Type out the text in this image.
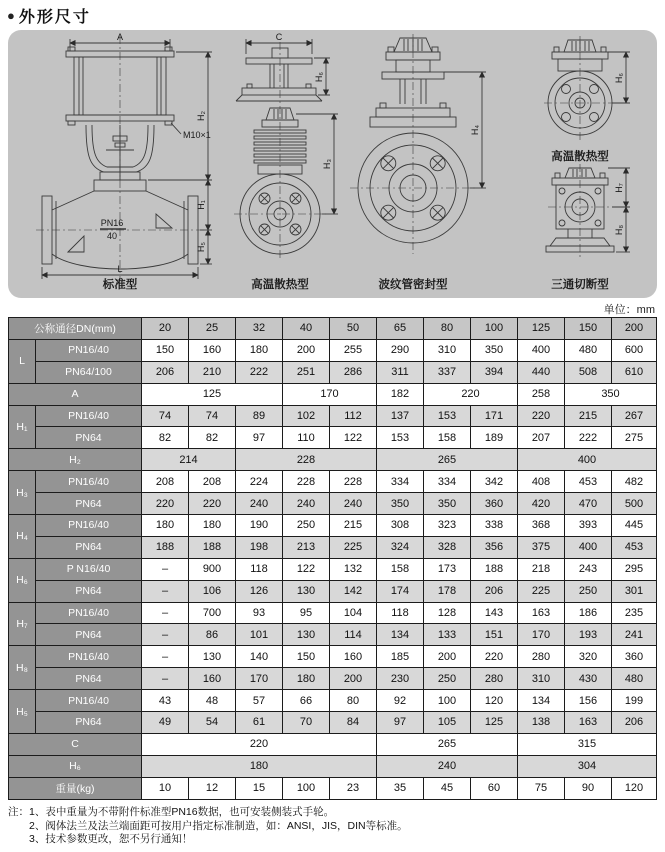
● 外形尺寸
A
M10×1
PN16
40
L
H₂
H₁
H₅
标准型
C
H₆
H₃
高温散热型
H₄
波纹管密封型
H₆
高温散热型
H₇
H₈
三通切断型
单位：mm
公称通径DN(mm)		20	25	32	40	50	65	80	100	125	150	200
L	PN16/40	150	160	180	200	255	290	310	350	400	480	600
	PN64/100	206	210	222	251	286	311	337	394	440	508	610
A		125			170		182	220		258	350	
H₁	PN16/40	74	74	89	102	112	137	153	171	220	215	267
	PN64	82	82	97	110	122	153	158	189	207	222	275
H₂		214		228			265			400		
H₃	PN16/40	208	208	224	228	228	334	334	342	408	453	482
	PN64	220	220	240	240	240	350	350	360	420	470	500
H₄	PN16/40	180	180	190	250	215	308	323	338	368	393	445
	PN64	188	188	198	213	225	324	328	356	375	400	453
H₆	P N16/40	–	900	118	122	132	158	173	188	218	243	295
	PN64	–	106	126	130	142	174	178	206	225	250	301
H₇	PN16/40	–	700	93	95	104	118	128	143	163	186	235
	PN64	–	86	101	130	114	134	133	151	170	193	241
H₈	PN16/40	–	130	140	150	160	185	200	220	280	320	360
	PN64	–	160	170	180	200	230	250	280	310	430	480
H₅	PN16/40	43	48	57	66	80	92	100	120	134	156	199
	PN64	49	54	61	70	84	97	105	125	138	163	206
C		220					265			315		
H₆		180					240			304		
重量(kg)		10	12	15	100	23	35	45	60	75	90	120
注： 1、表中重量为不带附件标准型PN16数据，也可安装侧装式手轮。
2、阀体法兰及法兰端面距可按用户指定标准制造，如：ANSI，JIS，DIN等标准。
3、技术参数更改，恕不另行通知！
